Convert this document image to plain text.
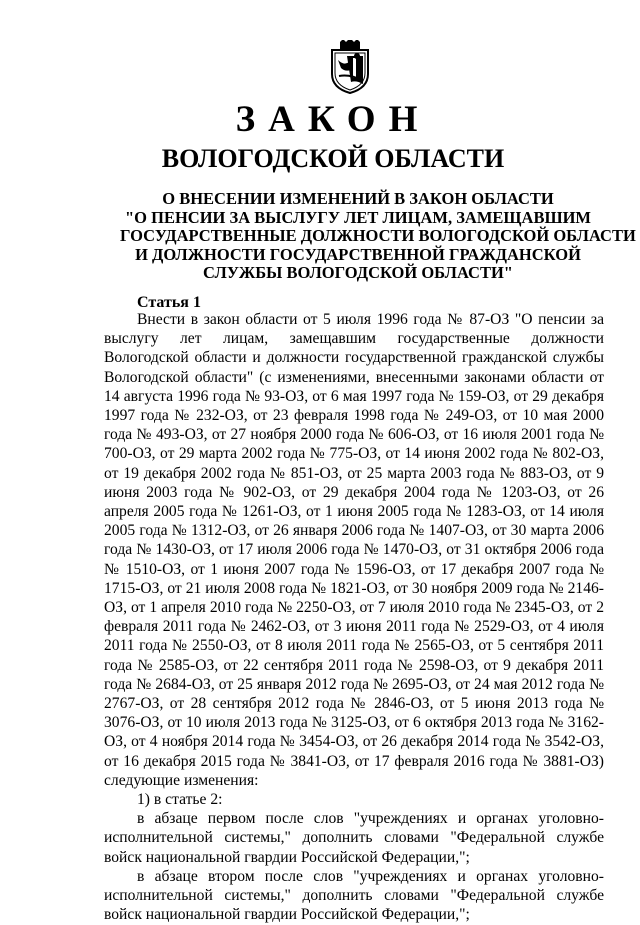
ЗАКОН
ВОЛОГОДСКОЙ ОБЛАСТИ
О ВНЕСЕНИИ ИЗМЕНЕНИЙ В ЗАКОН ОБЛАСТИ
"О ПЕНСИИ ЗА ВЫСЛУГУ ЛЕТ ЛИЦАМ, ЗАМЕЩАВШИМ
ГОСУДАРСТВЕННЫЕ ДОЛЖНОСТИ ВОЛОГОДСКОЙ ОБЛАСТИ
И ДОЛЖНОСТИ ГОСУДАРСТВЕННОЙ ГРАЖДАНСКОЙ
СЛУЖБЫ ВОЛОГОДСКОЙ ОБЛАСТИ"
Статья 1

Внести в закон области от 5 июля 1996 года № 87-ОЗ "О пенсии за выслугу лет лицам, замещавшим государственные должности Вологодской области и должности государственной гражданской службы Вологодской области" (с изменениями, внесенными законами области от 14 августа 1996 года № 93-ОЗ, от 6 мая 1997 года № 159-ОЗ, от 29 декабря 1997 года № 232-ОЗ, от 23 февраля 1998 года № 249-ОЗ, от 10 мая 2000 года № 493-ОЗ, от 27 ноября 2000 года № 606-ОЗ, от 16 июля 2001 года № 700-ОЗ, от 29 марта 2002 года № 775-ОЗ, от 14 июня 2002 года № 802-ОЗ, от 19 декабря 2002 года № 851-ОЗ, от 25 марта 2003 года № 883-ОЗ, от 9 июня 2003 года № 902-ОЗ, от 29 декабря 2004 года № 1203-ОЗ, от 26 апреля 2005 года № 1261-ОЗ, от 1 июня 2005 года № 1283-ОЗ, от 14 июля 2005 года № 1312-ОЗ, от 26 января 2006 года № 1407-ОЗ, от 30 марта 2006 года № 1430-ОЗ, от 17 июля 2006 года № 1470-ОЗ, от 31 октября 2006 года № 1510-ОЗ, от 1 июня 2007 года № 1596-ОЗ, от 17 декабря 2007 года № 1715-ОЗ, от 21 июля 2008 года № 1821-ОЗ, от 30 ноября 2009 года № 2146-ОЗ, от 1 апреля 2010 года № 2250-ОЗ, от 7 июля 2010 года № 2345-ОЗ, от 2 февраля 2011 года № 2462-ОЗ, от 3 июня 2011 года № 2529-ОЗ, от 4 июля 2011 года № 2550-ОЗ, от 8 июля 2011 года № 2565-ОЗ, от 5 сентября 2011 года № 2585-ОЗ, от 22 сентября 2011 года № 2598-ОЗ, от 9 декабря 2011 года № 2684-ОЗ, от 25 января 2012 года № 2695-ОЗ, от 24 мая 2012 года № 2767-ОЗ, от 28 сентября 2012 года № 2846-ОЗ, от 5 июня 2013 года № 3076-ОЗ, от 10 июля 2013 года № 3125-ОЗ, от 6 октября 2013 года № 3162-ОЗ, от 4 ноября 2014 года № 3454-ОЗ, от 26 декабря 2014 года № 3542-ОЗ, от 16 декабря 2015 года № 3841-ОЗ, от 17 февраля 2016 года № 3881-ОЗ) следующие изменения:

1) в статье 2:

в абзаце первом после слов "учреждениях и органах уголовно-исполнительной системы," дополнить словами "Федеральной службе войск национальной гвардии Российской Федерации,";

в абзаце втором после слов "учреждениях и органах уголовно-исполнительной системы," дополнить словами "Федеральной службе войск национальной гвардии Российской Федерации,";
